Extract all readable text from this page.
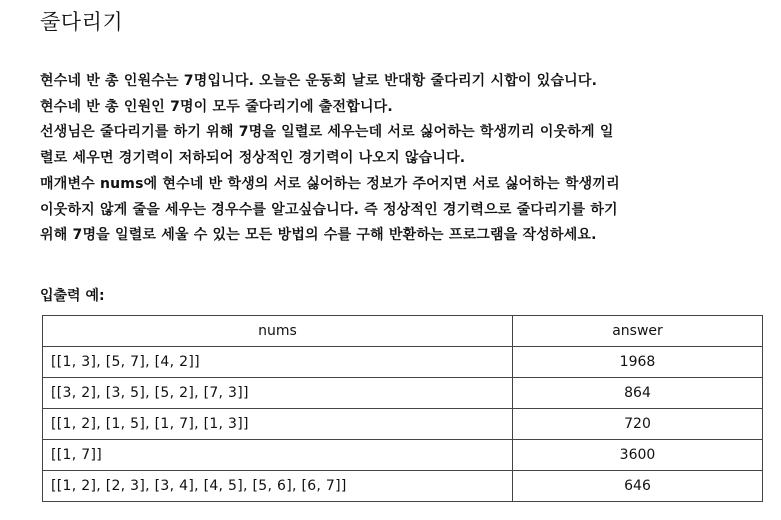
줄다리기
현수네 반 총 인원수는 7명입니다. 오늘은 운동회 날로 반대항 줄다리기 시합이 있습니다.
현수네 반 총 인원인 7명이 모두 줄다리기에 출전합니다.
선생님은 줄다리기를 하기 위해 7명을 일렬로 세우는데 서로 싫어하는 학생끼리 이웃하게 일
렬로 세우면 경기력이 저하되어 정상적인 경기력이 나오지 않습니다.
매개변수 nums에 현수네 반 학생의 서로 싫어하는 정보가 주어지면 서로 싫어하는 학생끼리
이웃하지 않게 줄을 세우는 경우수를 알고싶습니다. 즉 정상적인 경기력으로 줄다리기를 하기
위해 7명을 일렬로 세울 수 있는 모든 방법의 수를 구해 반환하는 프로그램을 작성하세요.
입출력 예:
nums	answer
[[1, 3], [5, 7], [4, 2]]	1968
[[3, 2], [3, 5], [5, 2], [7, 3]]	864
[[1, 2], [1, 5], [1, 7], [1, 3]]	720
[[1, 7]]	3600
[[1, 2], [2, 3], [3, 4], [4, 5], [5, 6], [6, 7]]	646
